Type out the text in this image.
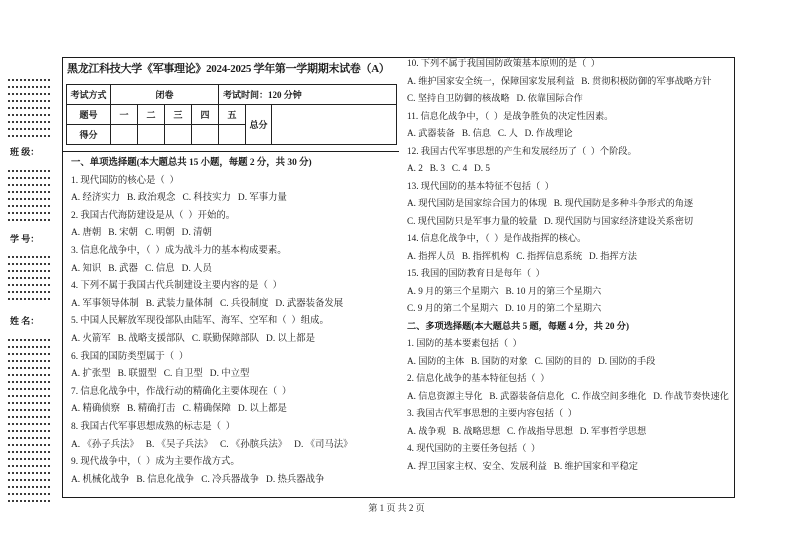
班 级：
学 号：
姓 名：
黑龙江科技大学《军事理论》2024-2025 学年第一学期期末试卷（A）
考试方式	闭卷				考试时间：120 分钟		
题号	一	二	三	四	五	总分	
得分							

一、单项选择题(本大题总共 15 小题，每题 2 分，共 30 分)

1. 现代国防的核心是（  ）

A. 经济实力   B. 政治观念   C. 科技实力   D. 军事力量

2. 我国古代海防建设是从（  ）开始的。

A. 唐朝   B. 宋朝   C. 明朝   D. 清朝

3. 信息化战争中，（  ）成为战斗力的基本构成要素。

A. 知识   B. 武器   C. 信息   D. 人员

4. 下列不属于我国古代兵制建设主要内容的是（  ）

A. 军事领导体制   B. 武装力量体制   C. 兵役制度   D. 武器装备发展

5. 中国人民解放军现役部队由陆军、海军、空军和（  ）组成。

A. 火箭军   B. 战略支援部队   C. 联勤保障部队   D. 以上都是

6. 我国的国防类型属于（  ）

A. 扩张型   B. 联盟型   C. 自卫型   D. 中立型

7. 信息化战争中，作战行动的精确化主要体现在（  ）

A. 精确侦察   B. 精确打击   C. 精确保障   D. 以上都是

8. 我国古代军事思想成熟的标志是（  ）

A. 《孙子兵法》   B. 《吴子兵法》   C. 《孙膑兵法》   D. 《司马法》

9. 现代战争中，（  ）成为主要作战方式。

A. 机械化战争   B. 信息化战争   C. 冷兵器战争   D. 热兵器战争

10. 下列不属于我国国防政策基本原则的是（  ）

A. 维护国家安全统一，保障国家发展利益   B. 贯彻积极防御的军事战略方针

C. 坚持自卫防御的核战略   D. 依靠国际合作

11. 信息化战争中，（  ）是战争胜负的决定性因素。

A. 武器装备   B. 信息   C. 人   D. 作战理论

12. 我国古代军事思想的产生和发展经历了（  ）个阶段。

A. 2   B. 3   C. 4   D. 5

13. 现代国防的基本特征不包括（  ）

A. 现代国防是国家综合国力的体现   B. 现代国防是多种斗争形式的角逐

C. 现代国防只是军事力量的较量   D. 现代国防与国家经济建设关系密切

14. 信息化战争中，（  ）是作战指挥的核心。

A. 指挥人员   B. 指挥机构   C. 指挥信息系统   D. 指挥方法

15. 我国的国防教育日是每年（  ）

A. 9 月的第三个星期六   B. 10 月的第三个星期六

C. 9 月的第二个星期六   D. 10 月的第二个星期六

二、多项选择题(本大题总共 5 题，每题 4 分，共 20 分)

1. 国防的基本要素包括（  ）

A. 国防的主体   B. 国防的对象   C. 国防的目的   D. 国防的手段

2. 信息化战争的基本特征包括（  ）

A. 信息资源主导化   B. 武器装备信息化   C. 作战空间多维化   D. 作战节奏快速化

3. 我国古代军事思想的主要内容包括（  ）

A. 战争观   B. 战略思想   C. 作战指导思想   D. 军事哲学思想

4. 现代国防的主要任务包括（  ）

A. 捍卫国家主权、安全、发展利益   B. 维护国家和平稳定

第 1 页 共 2 页
